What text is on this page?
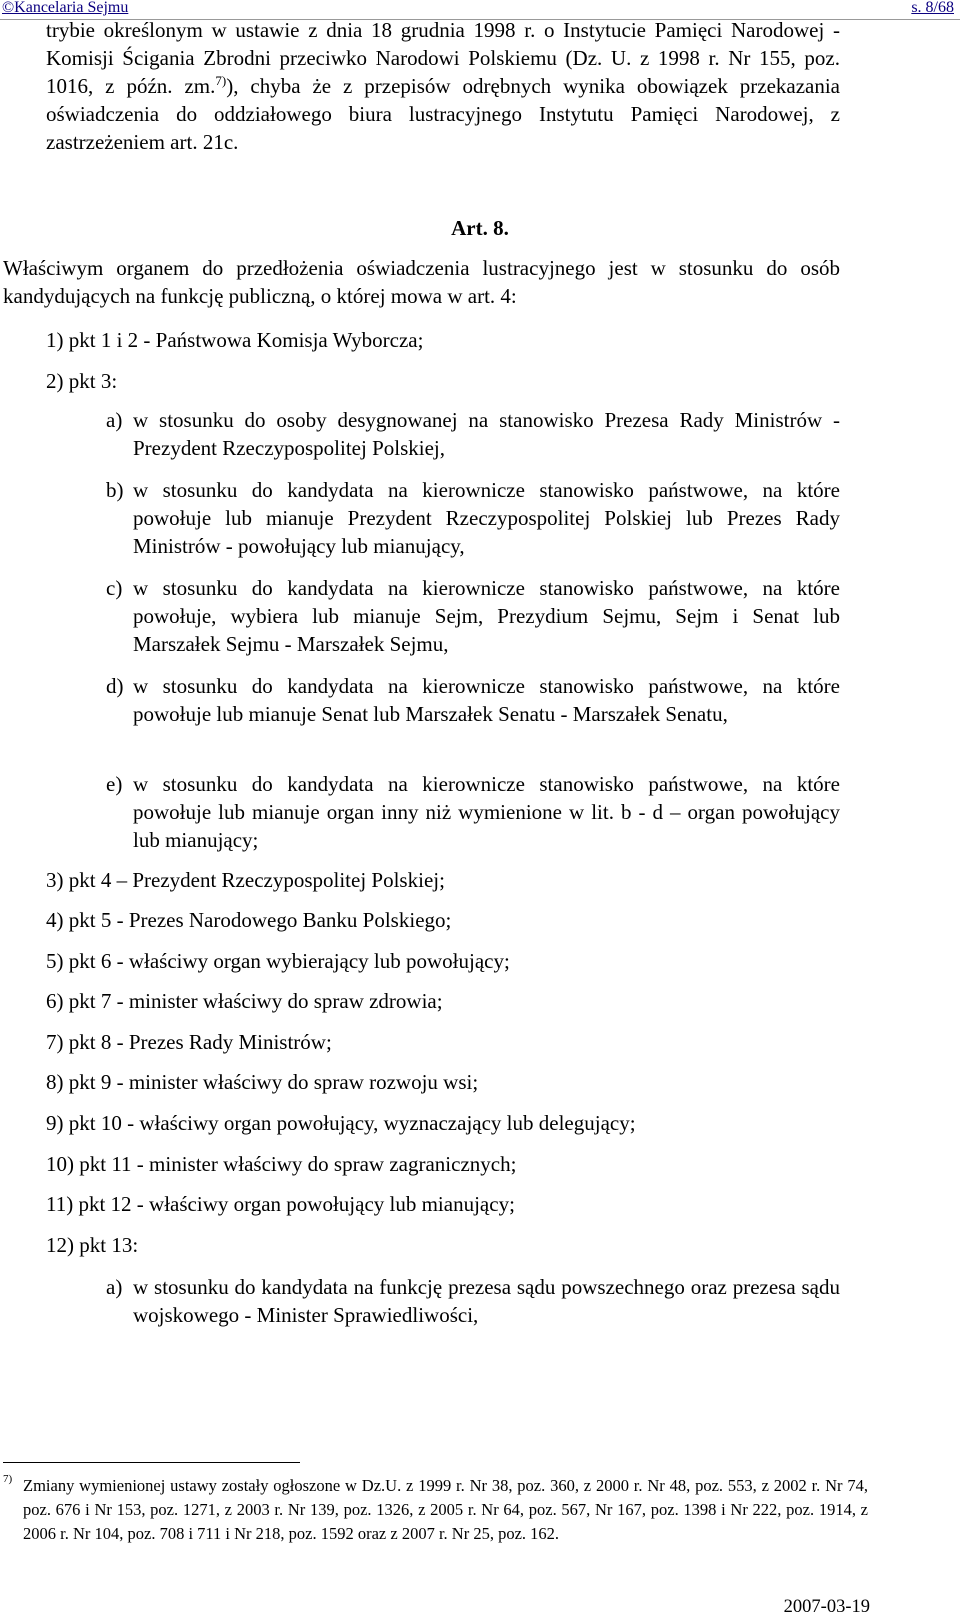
©Kancelaria Sejmu	s. 8/68
trybie określonym w ustawie z dnia 18 grudnia 1998 r. o Instytucie Pamięci Narodowej - Komisji Ścigania Zbrodni przeciwko Narodowi Polskiemu (Dz. U. z 1998 r. Nr 155, poz. 1016, z późn. zm.$^{7)}$), chyba że z przepisów odrębnych wynika obowiązek przekazania oświadczenia do oddziałowego biura lustracyjnego Instytutu Pamięci Narodowej, z zastrzeżeniem art. 21c.
Art. 8.
Właściwym organem do przedłożenia oświadczenia lustracyjnego jest w stosunku do osób kandydujących na funkcję publiczną, o której mowa w art. 4:
1) pkt 1 i 2 - Państwowa Komisja Wyborcza;
2) pkt 3:
a) w stosunku do osoby desygnowanej na stanowisko Prezesa Rady Ministrów - Prezydent Rzeczypospolitej Polskiej,
b) w stosunku do kandydata na kierownicze stanowisko państwowe, na które powołuje lub mianuje Prezydent Rzeczypospolitej Polskiej lub Prezes Rady Ministrów - powołujący lub mianujący,
c) w stosunku do kandydata na kierownicze stanowisko państwowe, na które powołuje, wybiera lub mianuje Sejm, Prezydium Sejmu, Sejm i Senat lub Marszałek Sejmu - Marszałek Sejmu,
d) w stosunku do kandydata na kierownicze stanowisko państwowe, na które powołuje lub mianuje Senat lub Marszałek Senatu - Marszałek Senatu,
e) w stosunku do kandydata na kierownicze stanowisko państwowe, na które powołuje lub mianuje organ inny niż wymienione w lit. b - d – organ powołujący lub mianujący;
3) pkt 4 – Prezydent Rzeczypospolitej Polskiej;
4) pkt 5 - Prezes Narodowego Banku Polskiego;
5) pkt 6 - właściwy organ wybierający lub powołujący;
6) pkt 7 - minister właściwy do spraw zdrowia;
7) pkt 8 - Prezes Rady Ministrów;
8) pkt 9 - minister właściwy do spraw rozwoju wsi;
9) pkt 10 - właściwy organ powołujący, wyznaczający lub delegujący;
10) pkt 11 - minister właściwy do spraw zagranicznych;
11) pkt 12 - właściwy organ powołujący lub mianujący;
12) pkt 13:
a) w stosunku do kandydata na funkcję prezesa sądu powszechnego oraz prezesa sądu wojskowego - Minister Sprawiedliwości,
7) Zmiany wymienionej ustawy zostały ogłoszone w Dz.U. z 1999 r. Nr 38, poz. 360, z 2000 r. Nr 48, poz. 553, z 2002 r. Nr 74, poz. 676 i Nr 153, poz. 1271, z 2003 r. Nr 139, poz. 1326, z 2005 r. Nr 64, poz. 567, Nr 167, poz. 1398 i Nr 222, poz. 1914, z 2006 r. Nr 104, poz. 708 i 711 i Nr 218, poz. 1592 oraz z 2007 r. Nr 25, poz. 162.
2007-03-19
